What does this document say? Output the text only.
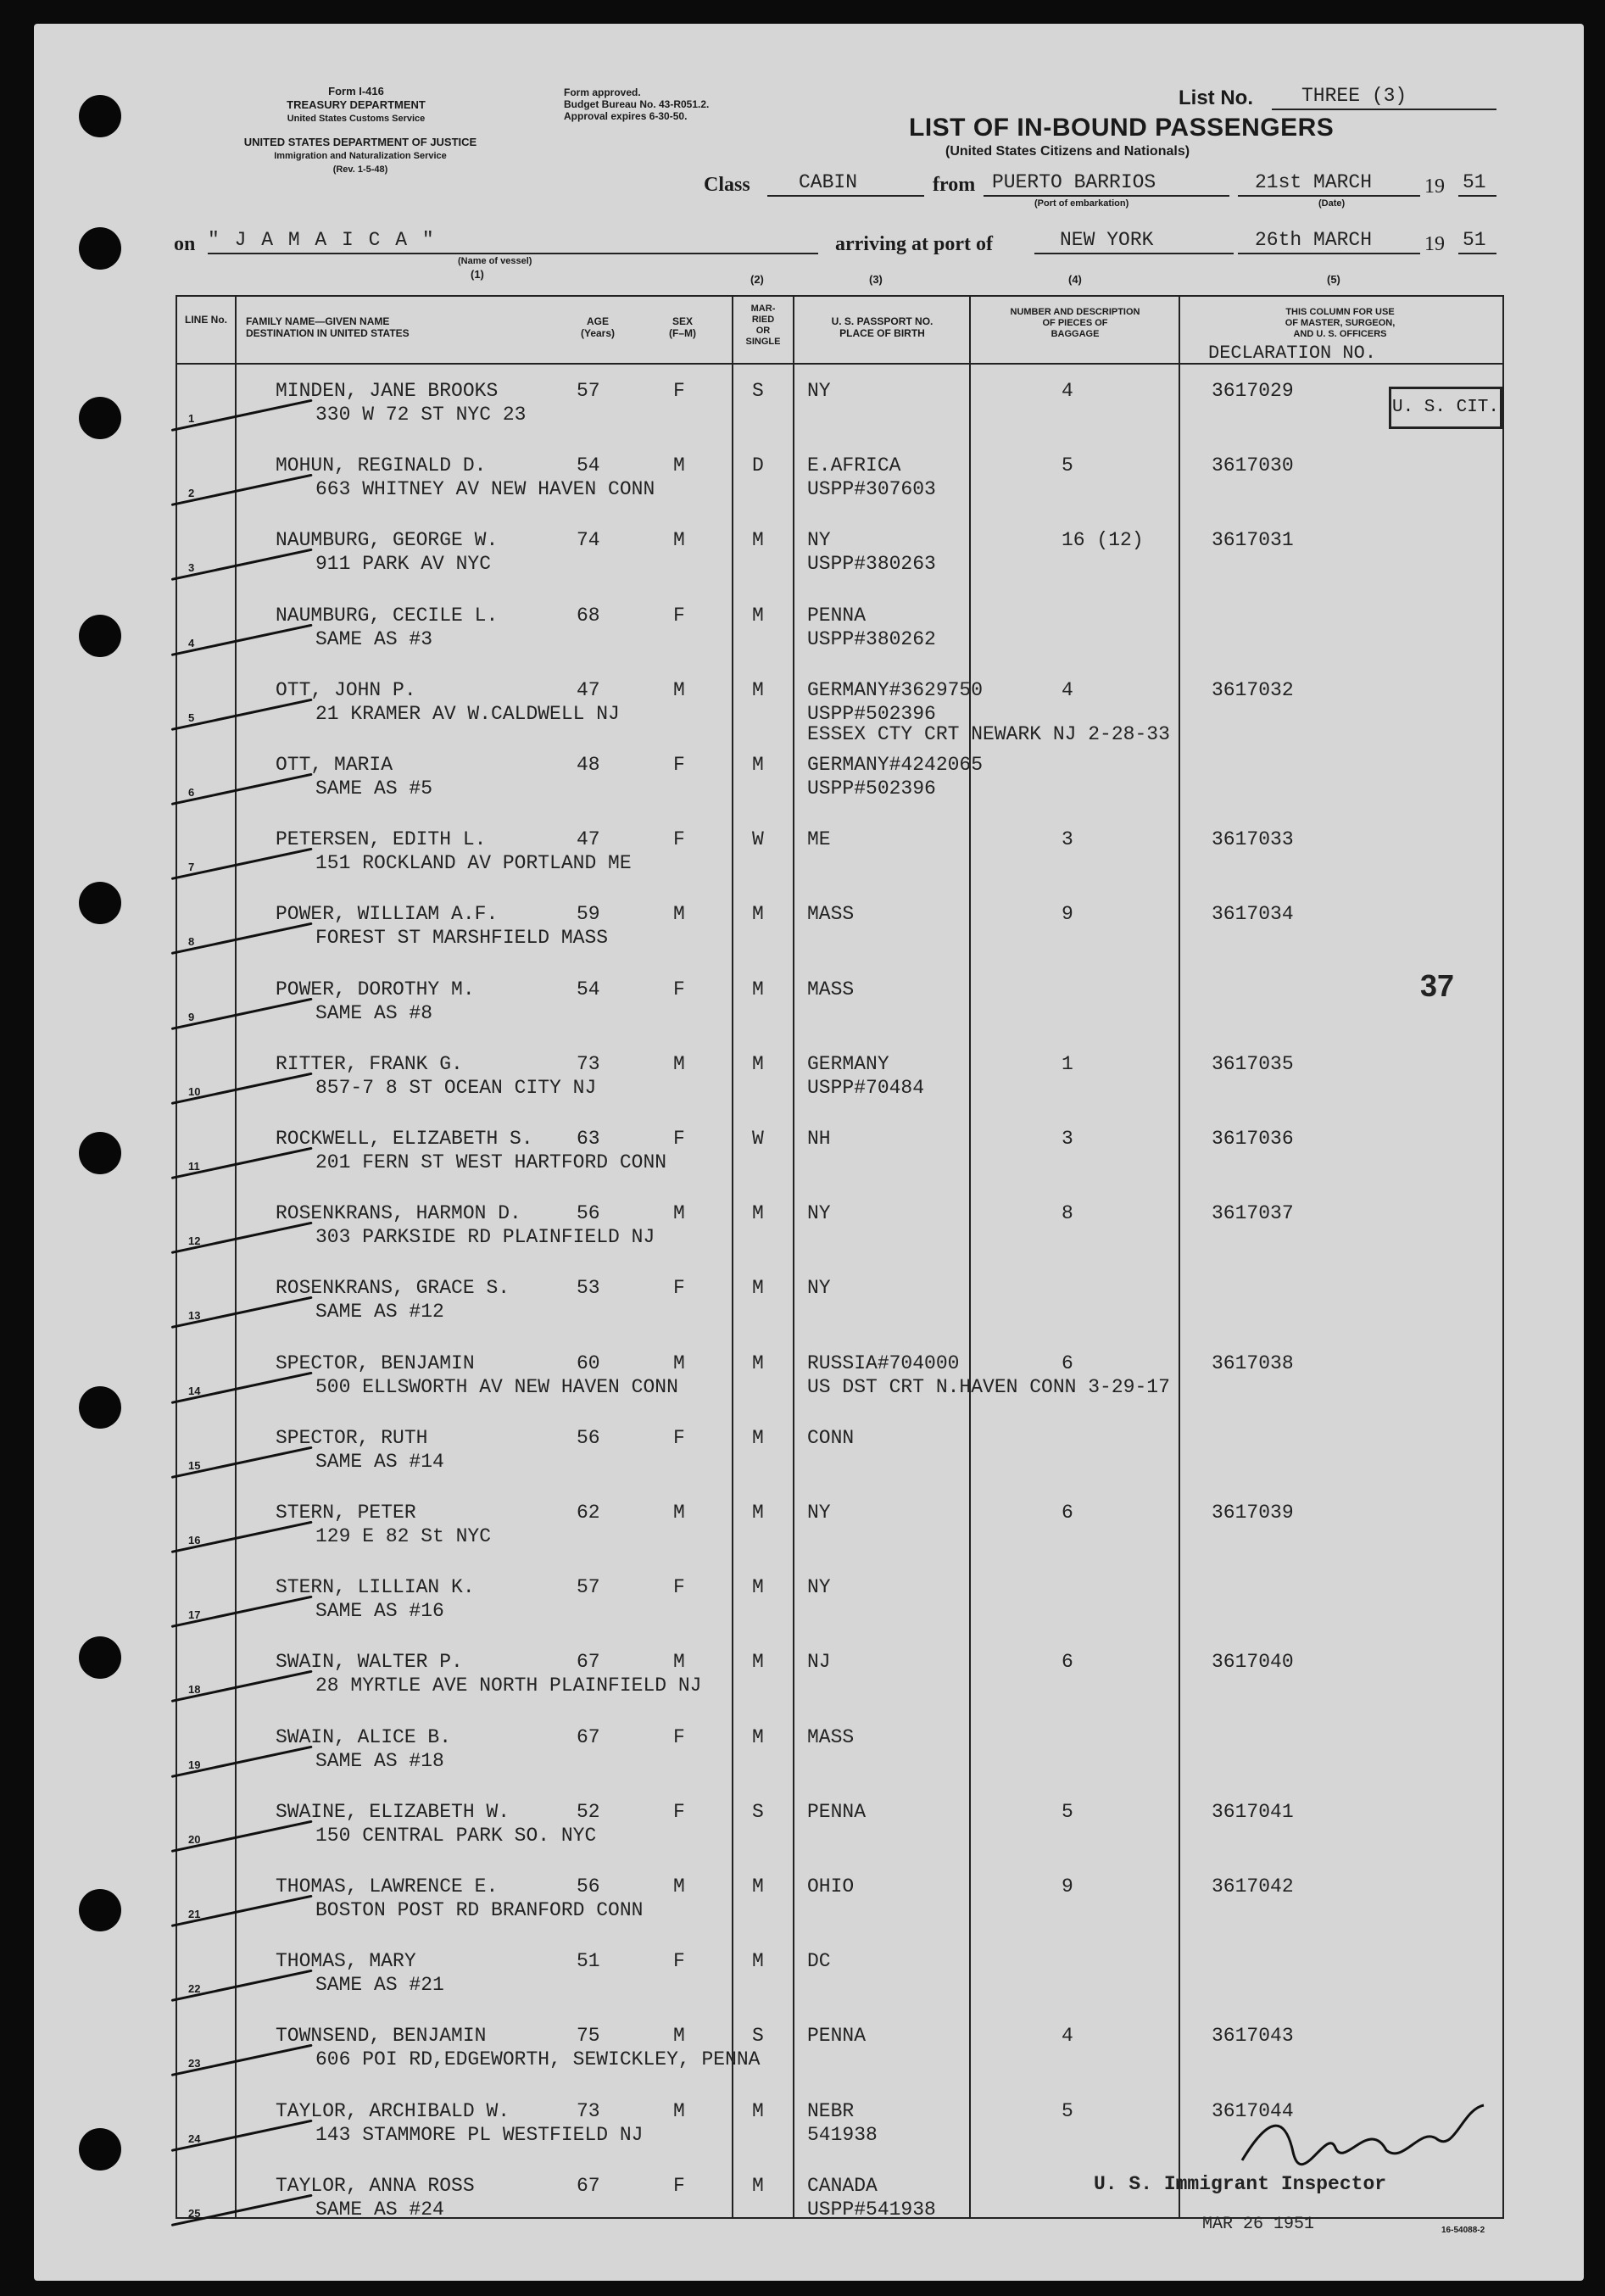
Form I-416
TREASURY DEPARTMENT
United States Customs Service
UNITED STATES DEPARTMENT OF JUSTICE
Immigration and Naturalization Service
(Rev. 1-5-48)
Form approved.
Budget Bureau No. 43-R051.2.
Approval expires 6-30-50.
List No. THREE (3)
LIST OF IN-BOUND PASSENGERS
(United States Citizens and Nationals)
Class CABIN	from PUERTO BARRIOS
(Port of embarkation)
21st MARCH
(Date)
19 51
on " J A M A I C A "
(Name of vessel)
arriving at port of	NEW YORK	26th MARCH	19 51
(1)	(2)	(3)	(4)	(5)
LINE No.	FAMILY NAME—GIVEN NAME
DESTINATION IN UNITED STATES
AGE
(Years)
SEX
(F–M)
MAR-
RIED
OR
SINGLE
U. S. PASSPORT NO.
PLACE OF BIRTH
NUMBER AND DESCRIPTION
OF PIECES OF
BAGGAGE
THIS COLUMN FOR USE
OF MASTER, SURGEON,
AND U. S. OFFICERS
DECLARATION NO.
U. S. CIT.
37
1
MINDEN, JANE BROOKS
330 W 72 ST NYC 23
57	F	S NY	4	3617029
2
MOHUN, REGINALD D.
663 WHITNEY AV NEW HAVEN CONN
54	M	D E.AFRICA
USPP#307603
5	3617030
3
NAUMBURG, GEORGE W.
911 PARK AV NYC
74	M	M NY
USPP#380263
16 (12)	3617031
4
NAUMBURG, CECILE L.
SAME AS #3
68	F	M PENNA
USPP#380262
5
OTT, JOHN P.
21 KRAMER AV W.CALDWELL NJ
47	M	M GERMANY#3629750
USPP#502396
4	3617032
ESSEX CTY CRT NEWARK NJ 2-28-33
6
OTT, MARIA
SAME AS #5
48	F	M GERMANY#4242065
USPP#502396
7
PETERSEN, EDITH L.
151 ROCKLAND AV PORTLAND ME
47	F	W ME	3	3617033
8
POWER, WILLIAM A.F.
FOREST ST MARSHFIELD MASS
59	M	M MASS	9	3617034
9
POWER, DOROTHY M.
SAME AS #8
54	F	M MASS
10
RITTER, FRANK G.
857-7 8 ST OCEAN CITY NJ
73	M	M GERMANY
USPP#70484
1	3617035
11
ROCKWELL, ELIZABETH S.
201 FERN ST WEST HARTFORD CONN
63	F	W NH	3	3617036
12
ROSENKRANS, HARMON D.
303 PARKSIDE RD PLAINFIELD NJ
56	M	M NY	8	3617037
13
ROSENKRANS, GRACE S.
SAME AS #12
53	F	M NY
14
SPECTOR, BENJAMIN
500 ELLSWORTH AV NEW HAVEN CONN
60	M	M RUSSIA#704000
US DST CRT N.HAVEN CONN 3-29-17
6	3617038
15
SPECTOR, RUTH
SAME AS #14
56	F	M CONN
16
STERN, PETER
129 E 82 St NYC
62	M	M NY	6	3617039
17
STERN, LILLIAN K.
SAME AS #16
57	F	M NY
18
SWAIN, WALTER P.
28 MYRTLE AVE NORTH PLAINFIELD NJ
67	M	M NJ	6	3617040
19
SWAIN, ALICE B.
SAME AS #18
67	F	M MASS
20
SWAINE, ELIZABETH W.
150 CENTRAL PARK SO. NYC
52	F	S PENNA	5	3617041
21
THOMAS, LAWRENCE E.
BOSTON POST RD BRANFORD CONN
56	M	M OHIO	9	3617042
22
THOMAS, MARY
SAME AS #21
51	F	M DC
23
TOWNSEND, BENJAMIN
606 POI RD,EDGEWORTH, SEWICKLEY, PENNA
75	M	S PENNA	4	3617043
24
TAYLOR, ARCHIBALD W.
143 STAMMORE PL WESTFIELD NJ
73	M	M NEBR
541938
5	3617044
25
TAYLOR, ANNA ROSS
SAME AS #24
67	F	M CANADA
USPP#541938
U. S. Immigrant Inspector
MAR 26 1951	16-54088-2
